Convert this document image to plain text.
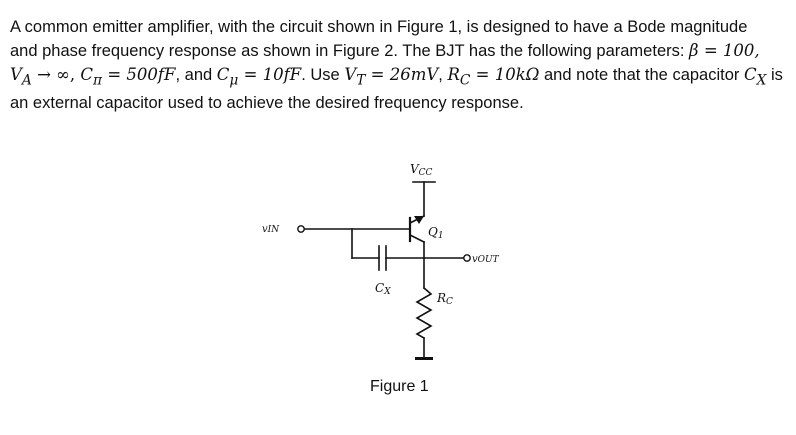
A common emitter amplifier, with the circuit shown in Figure 1, is designed to have a Bode magnitude

and phase frequency response as shown in Figure 2. The BJT has the following parameters: β = 100,

$V_A$ → ∞, $C_\pi = 500fF$, and $C_\mu = 10fF$. Use $V_T = 26mV$, $R_C = 10k\Omega$ and note that the capacitor $C_X$ is

an external capacitor used to achieve the desired frequency response.

VCC
Q1
vIN
vOUT
CX	RC
Figure 1
